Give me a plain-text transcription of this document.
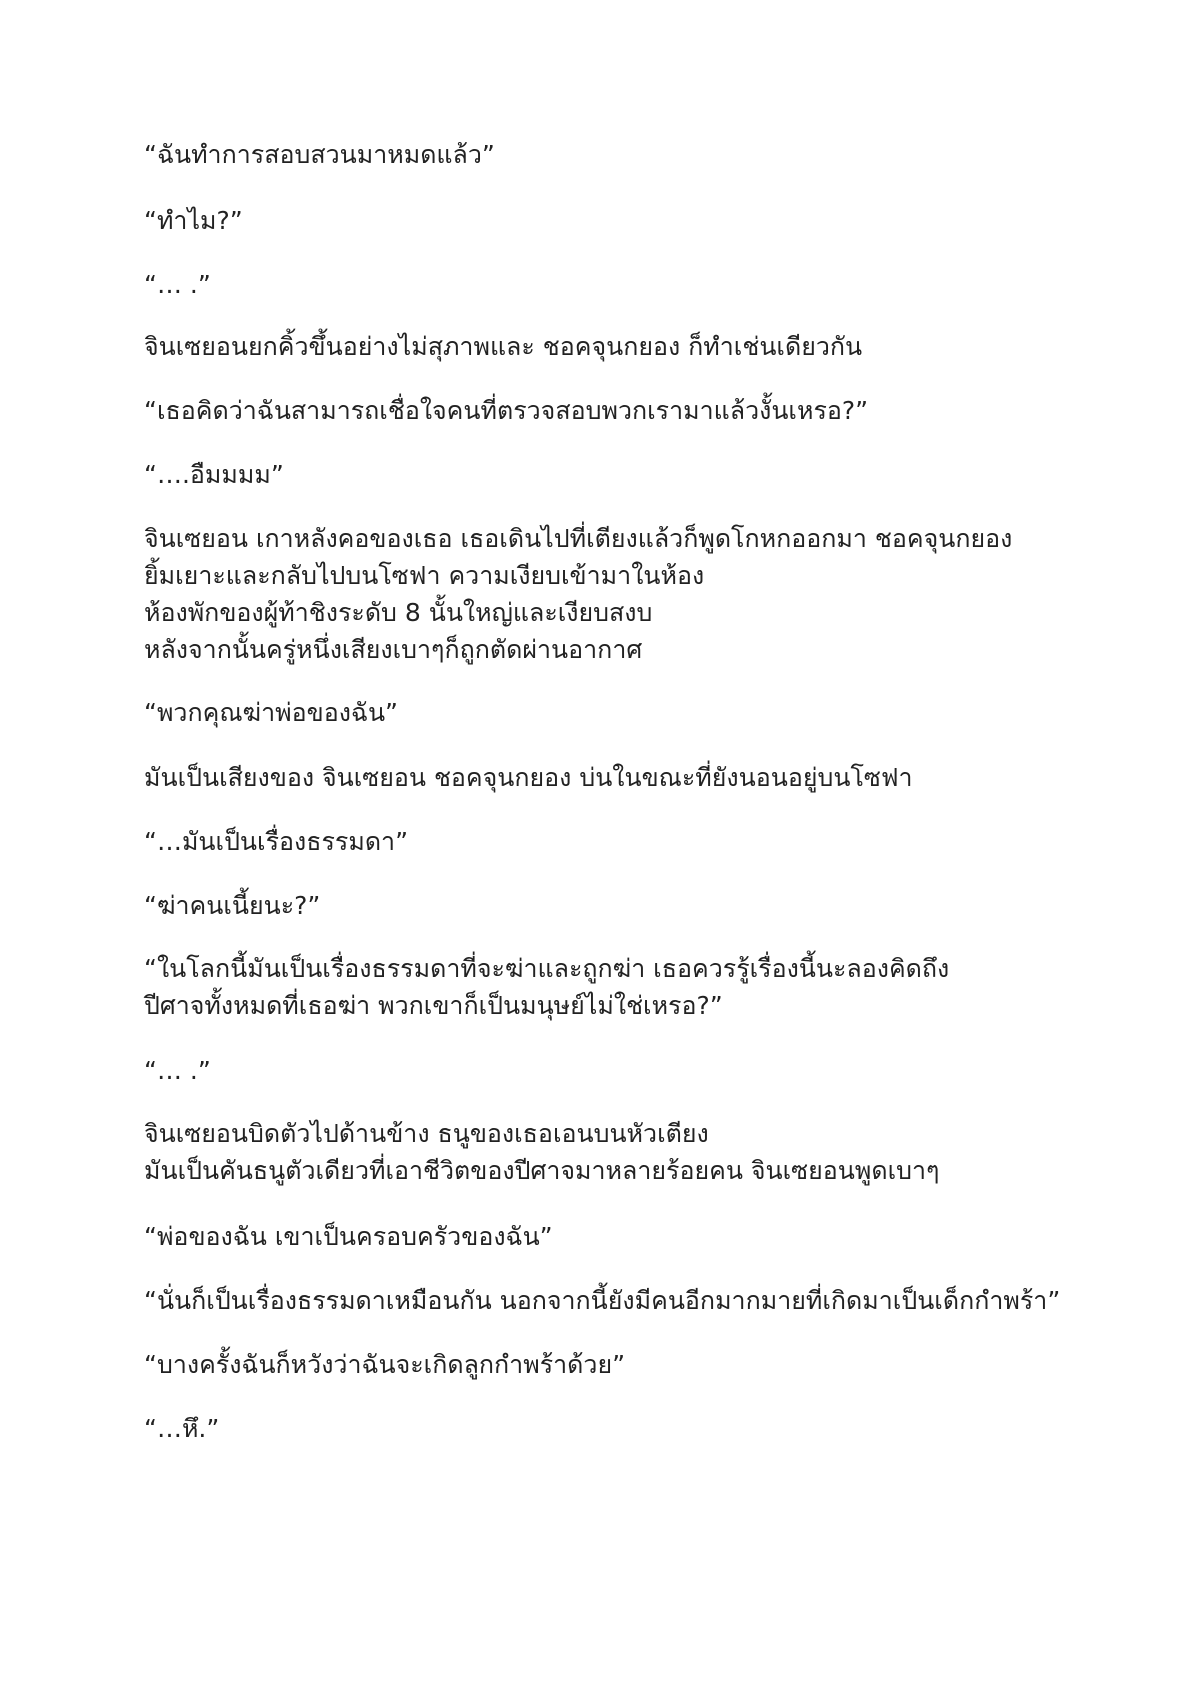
“ฉันทำการสอบสวนมาหมดแล้ว”
“ทำไม?”
“… .”
จินเซยอนยกคิ้วขึ้นอย่างไม่สุภาพและ ชอคจุนกยอง ก็ทำเช่นเดียวกัน
“เธอคิดว่าฉันสามารถเชื่อใจคนที่ตรวจสอบพวกเรามาแล้วงั้นเหรอ?”
“….อืมมมม”
จินเซยอน เกาหลังคอของเธอ เธอเดินไปที่เตียงแล้วก็พูดโกหกออกมา ชอคจุนกยอง
ยิ้มเยาะและกลับไปบนโซฟา ความเงียบเข้ามาในห้อง
ห้องพักของผู้ท้าชิงระดับ 8 นั้นใหญ่และเงียบสงบ
หลังจากนั้นครู่หนึ่งเสียงเบาๆก็ถูกตัดผ่านอากาศ
“พวกคุณฆ่าพ่อของฉัน”
มันเป็นเสียงของ จินเซยอน ชอคจุนกยอง บ่นในขณะที่ยังนอนอยู่บนโซฟา
“…มันเป็นเรื่องธรรมดา”
“ฆ่าคนเนี้ยนะ?”
“ในโลกนี้มันเป็นเรื่องธรรมดาที่จะฆ่าและถูกฆ่า เธอควรรู้เรื่องนี้นะลองคิดถึง
ปีศาจทั้งหมดที่เธอฆ่า พวกเขาก็เป็นมนุษย์ไม่ใช่เหรอ?”
“… .”
จินเซยอนบิดตัวไปด้านข้าง ธนูของเธอเอนบนหัวเตียง
มันเป็นคันธนูตัวเดียวที่เอาชีวิตของปีศาจมาหลายร้อยคน จินเซยอนพูดเบาๆ
“พ่อของฉัน เขาเป็นครอบครัวของฉัน”
“นั่นก็เป็นเรื่องธรรมดาเหมือนกัน นอกจากนี้ยังมีคนอีกมากมายที่เกิดมาเป็นเด็กกำพร้า”
“บางครั้งฉันก็หวังว่าฉันจะเกิดลูกกำพร้าด้วย”
“…หึ.”
